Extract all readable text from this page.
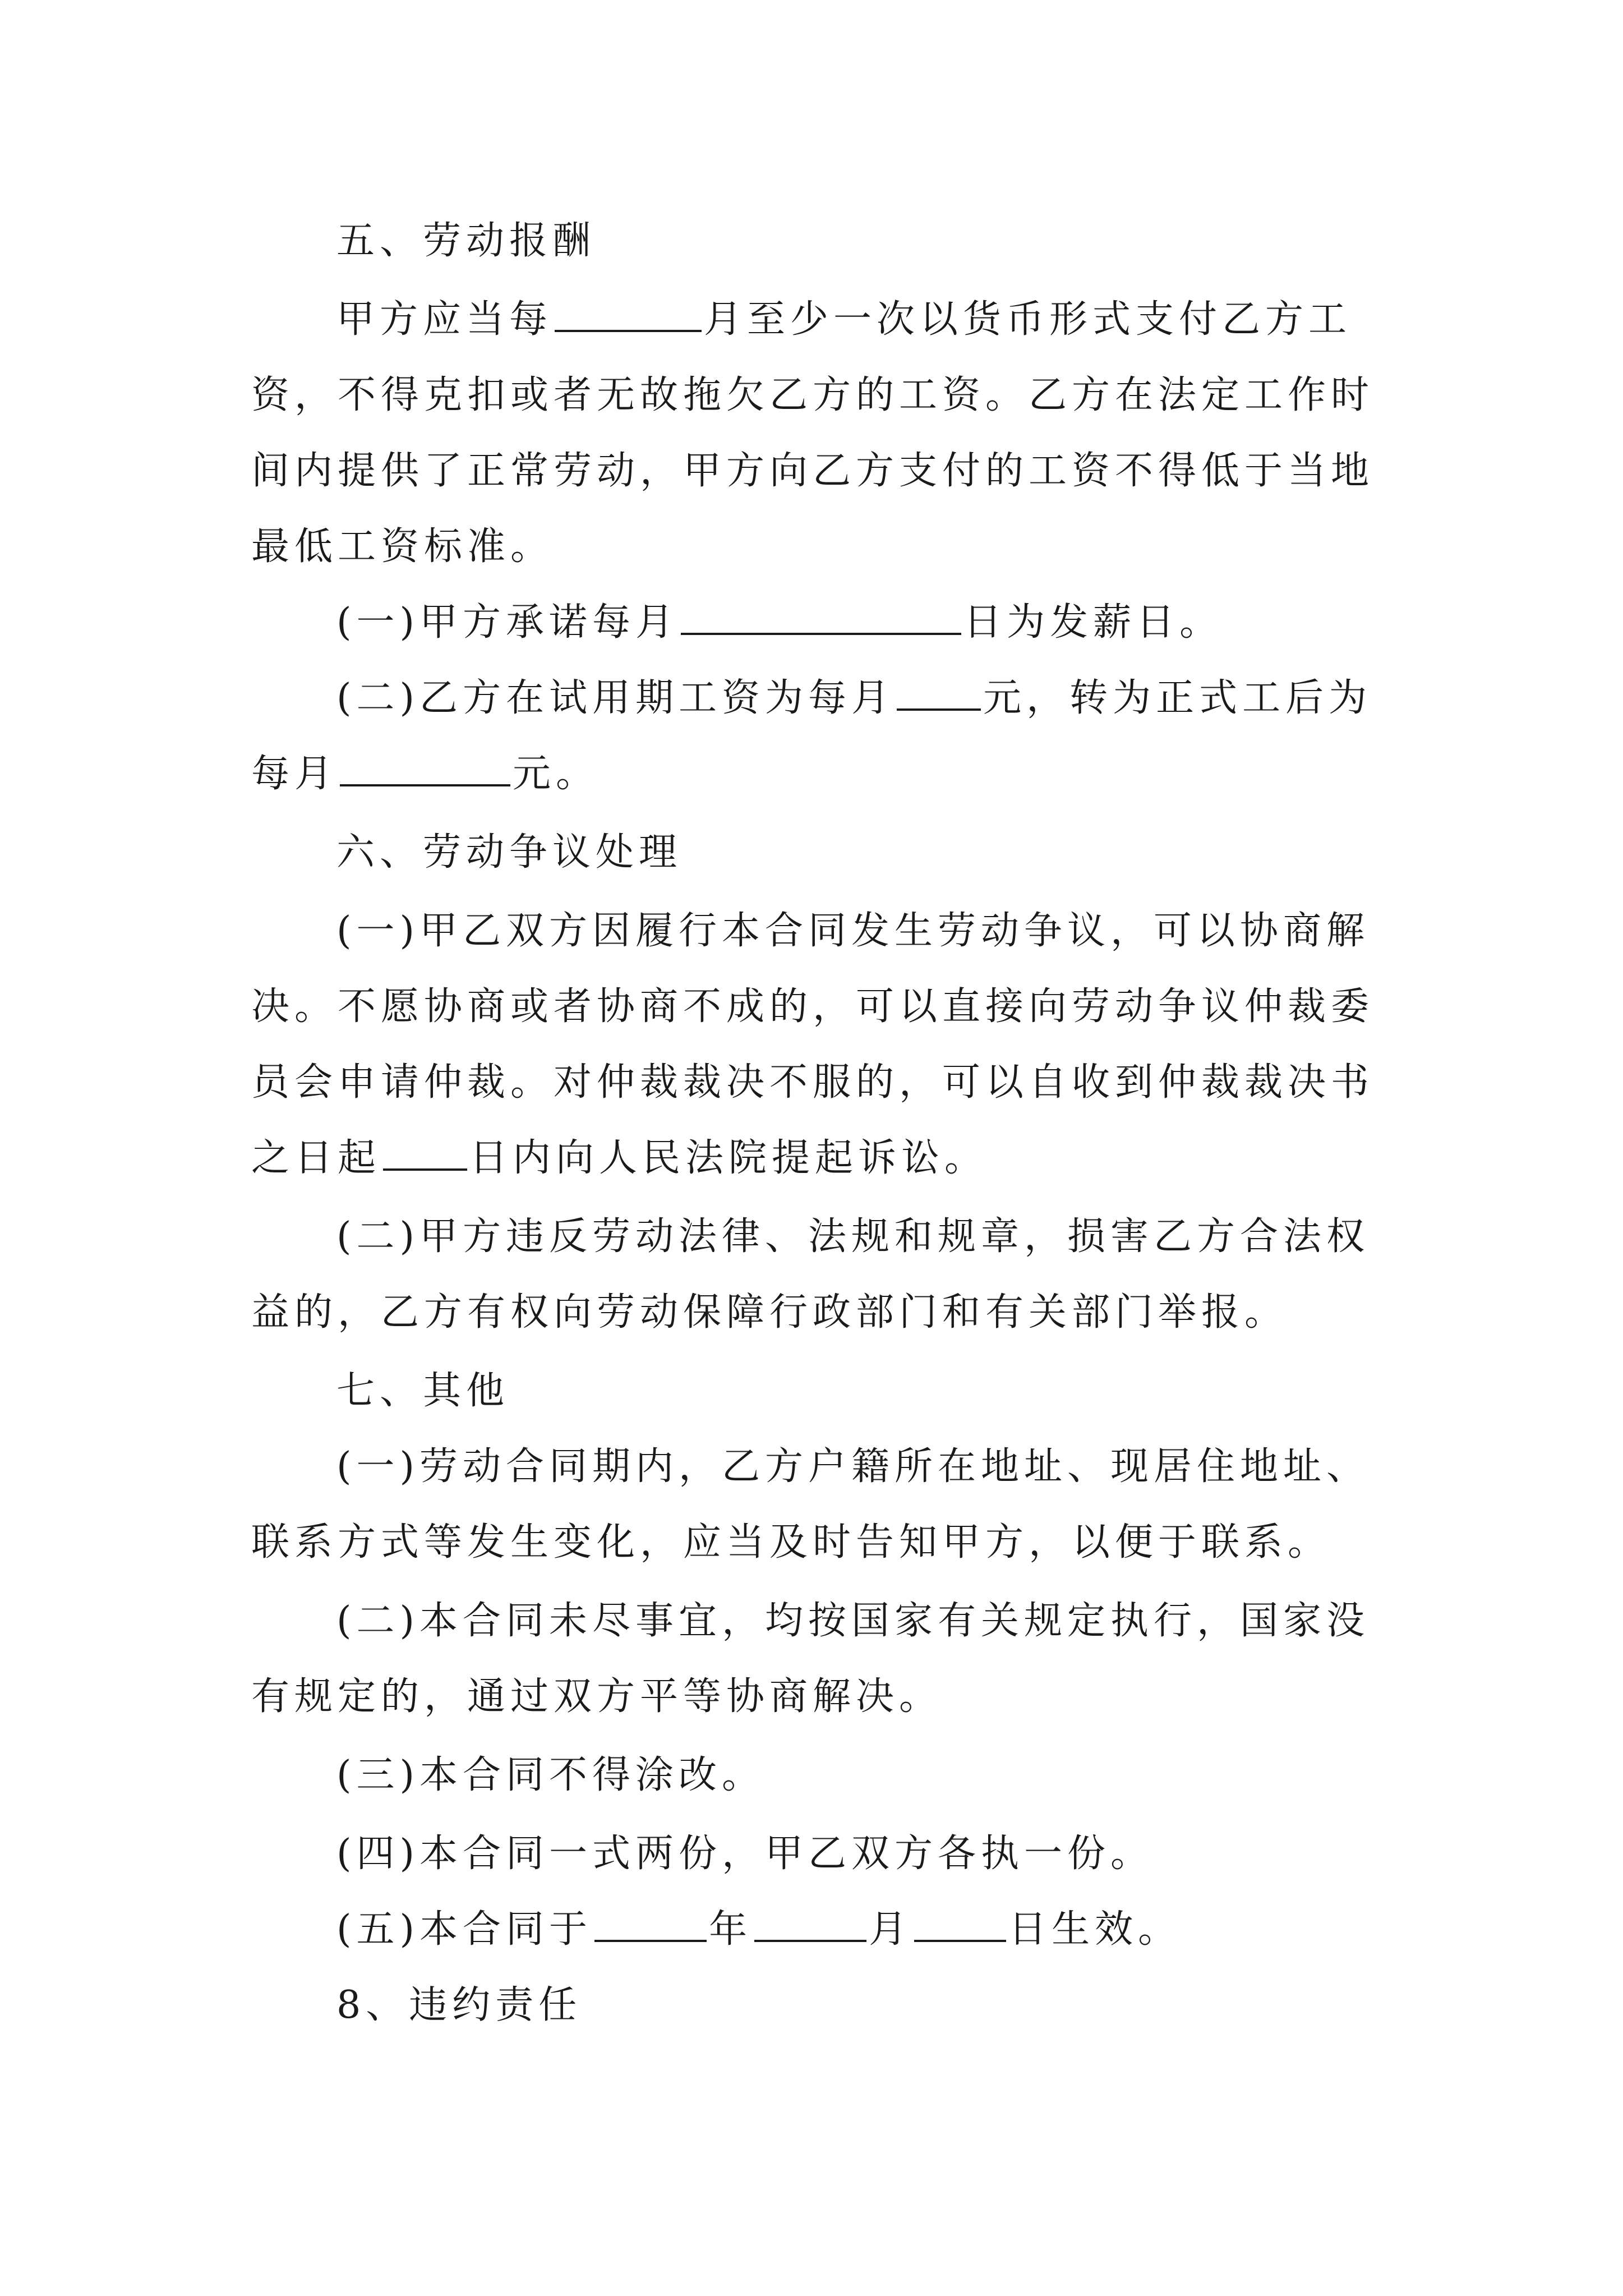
五、劳动报酬
甲方应当每	月至少一次以货币形式支付乙方工
资，不得克扣或者无故拖欠乙方的工资。乙方在法定工作时
间内提供了正常劳动，甲方向乙方支付的工资不得低于当地
最低工资标准。
(一)甲方承诺每月	日为发薪日。
(二)乙方在试用期工资为每月 元，转为正式工后为
每月	元。
六、劳动争议处理
(一)甲乙双方因履行本合同发生劳动争议，可以协商解
决。不愿协商或者协商不成的，可以直接向劳动争议仲裁委
员会申请仲裁。对仲裁裁决不服的，可以自收到仲裁裁决书
之日起 日内向人民法院提起诉讼。
(二)甲方违反劳动法律、法规和规章，损害乙方合法权
益的，乙方有权向劳动保障行政部门和有关部门举报。
七、其他
(一)劳动合同期内，乙方户籍所在地址、现居住地址、
联系方式等发生变化，应当及时告知甲方，以便于联系。
(二)本合同未尽事宜，均按国家有关规定执行，国家没
有规定的，通过双方平等协商解决。
(三)本合同不得涂改。
(四)本合同一式两份，甲乙双方各执一份。
(五)本合同于	年	月	日生效。
8、违约责任
